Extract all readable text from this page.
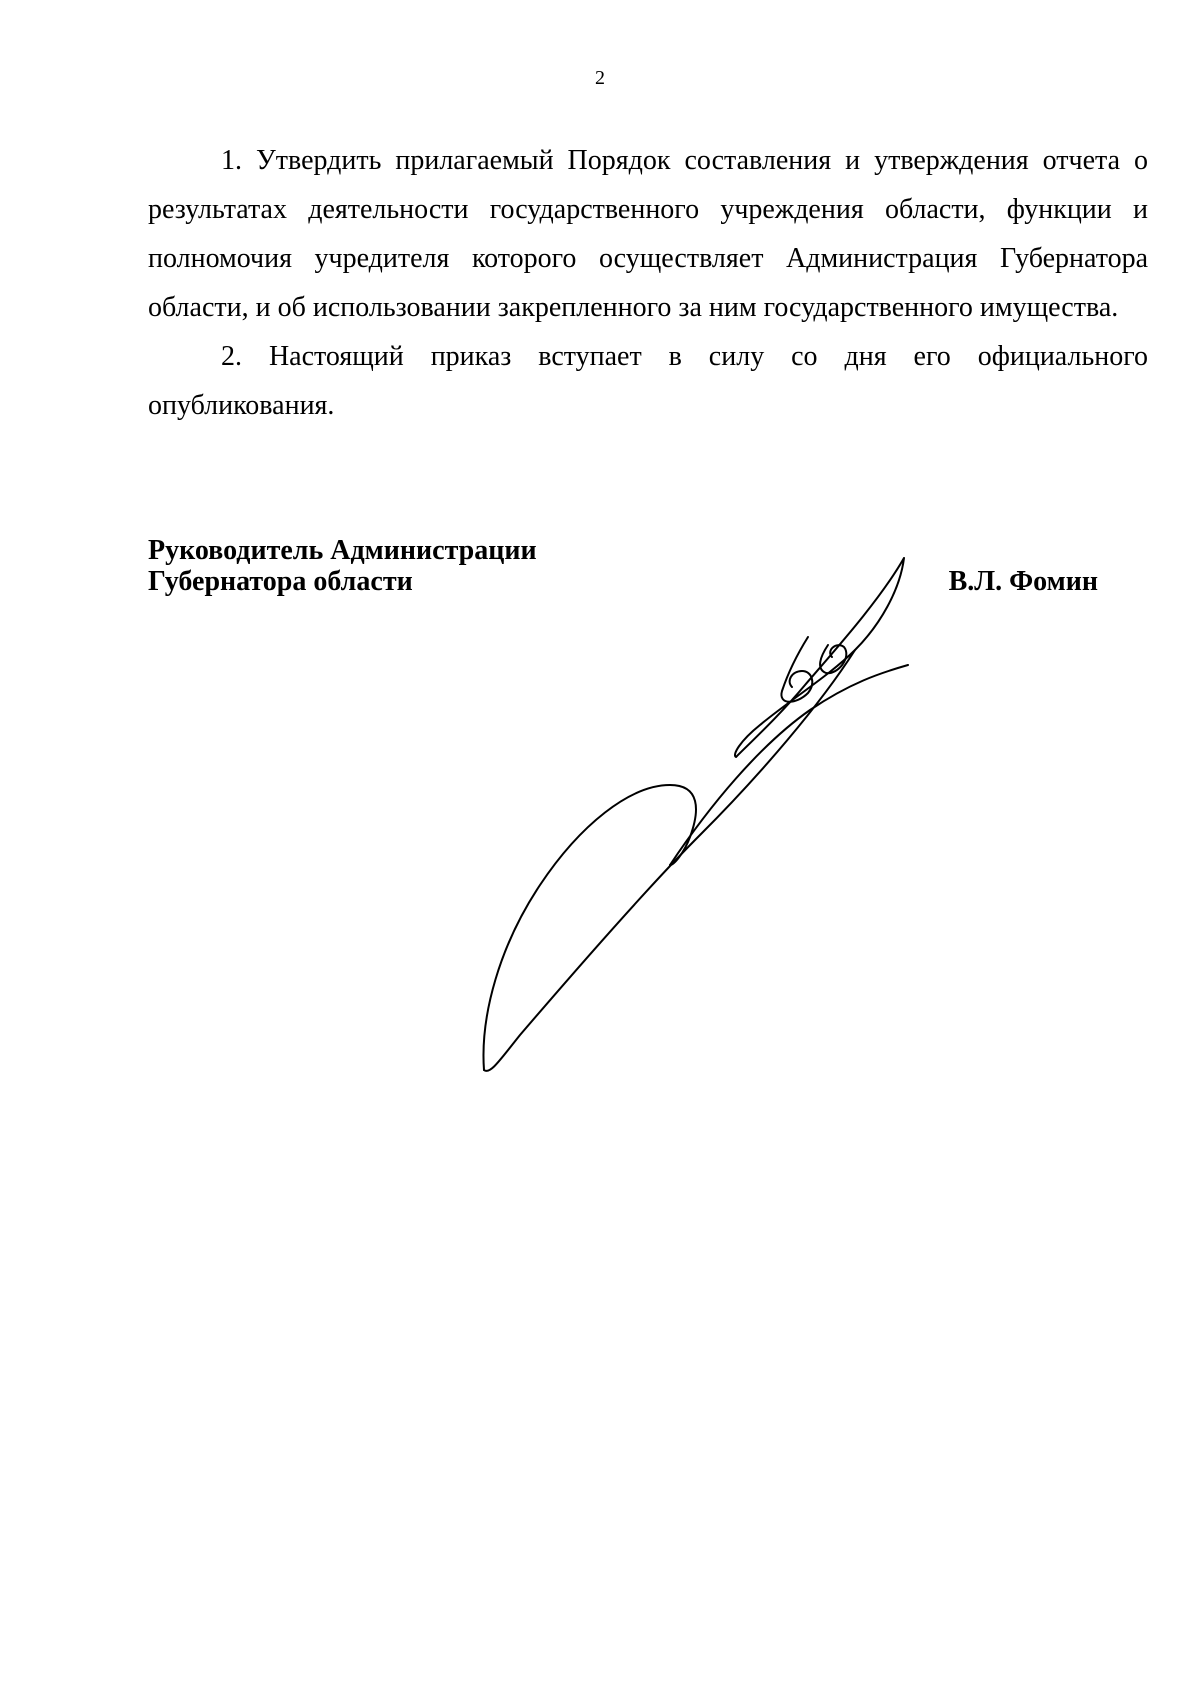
2

1. Утвердить прилагаемый Порядок составления и утверждения отчета о результатах деятельности государственного учреждения области, функции и полномочия учредителя которого осуществляет Администрация Губернатора области, и об использовании закрепленного за ним государственного имущества.

2. Настоящий приказ вступает в силу со дня его официального опубликования.

Руководитель Администрации
Губернатора области	В.Л. Фомин
